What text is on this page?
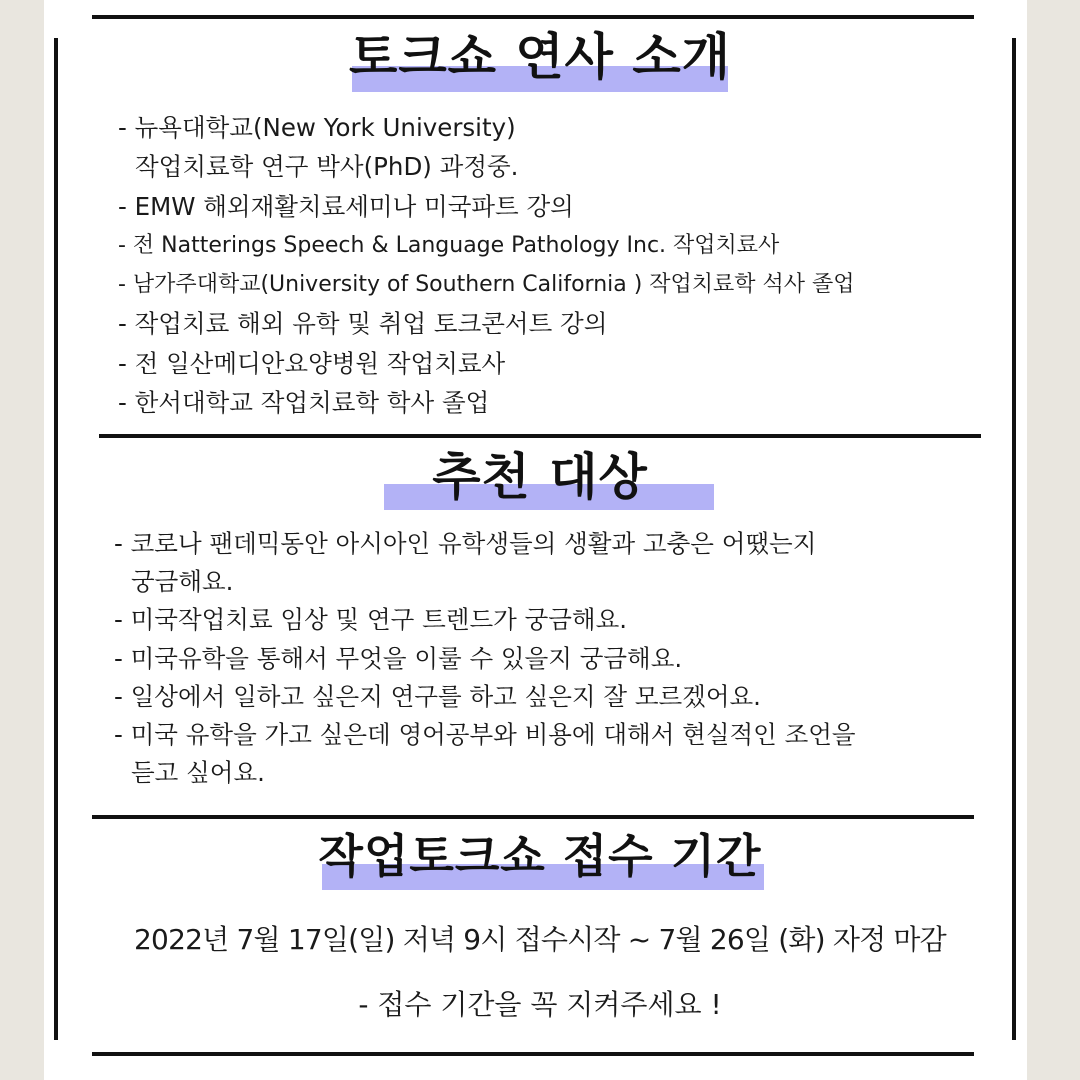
토크쇼 연사 소개
- 뉴욕대학교(New York University)
작업치료학 연구 박사(PhD) 과정중.
- EMW 해외재활치료세미나 미국파트 강의
- 전 Natterings Speech & Language Pathology Inc. 작업치료사
- 남가주대학교(University of Southern California ) 작업치료학 석사 졸업
- 작업치료 해외 유학 및 취업 토크콘서트 강의
- 전 일산메디안요양병원 작업치료사
- 한서대학교 작업치료학 학사 졸업
추천 대상
- 코로나 팬데믹동안 아시아인 유학생들의 생활과 고충은 어땠는지
궁금해요.
- 미국작업치료 임상 및 연구 트렌드가 궁금해요.
- 미국유학을 통해서 무엇을 이룰 수 있을지 궁금해요.
- 일상에서 일하고 싶은지 연구를 하고 싶은지 잘 모르겠어요.
- 미국 유학을 가고 싶은데 영어공부와 비용에 대해서 현실적인 조언을
듣고 싶어요.
작업토크쇼 접수 기간
2022년 7월 17일(일) 저녁 9시 접수시작 ~ 7월 26일 (화) 자정 마감
- 접수 기간을 꼭 지켜주세요 !
